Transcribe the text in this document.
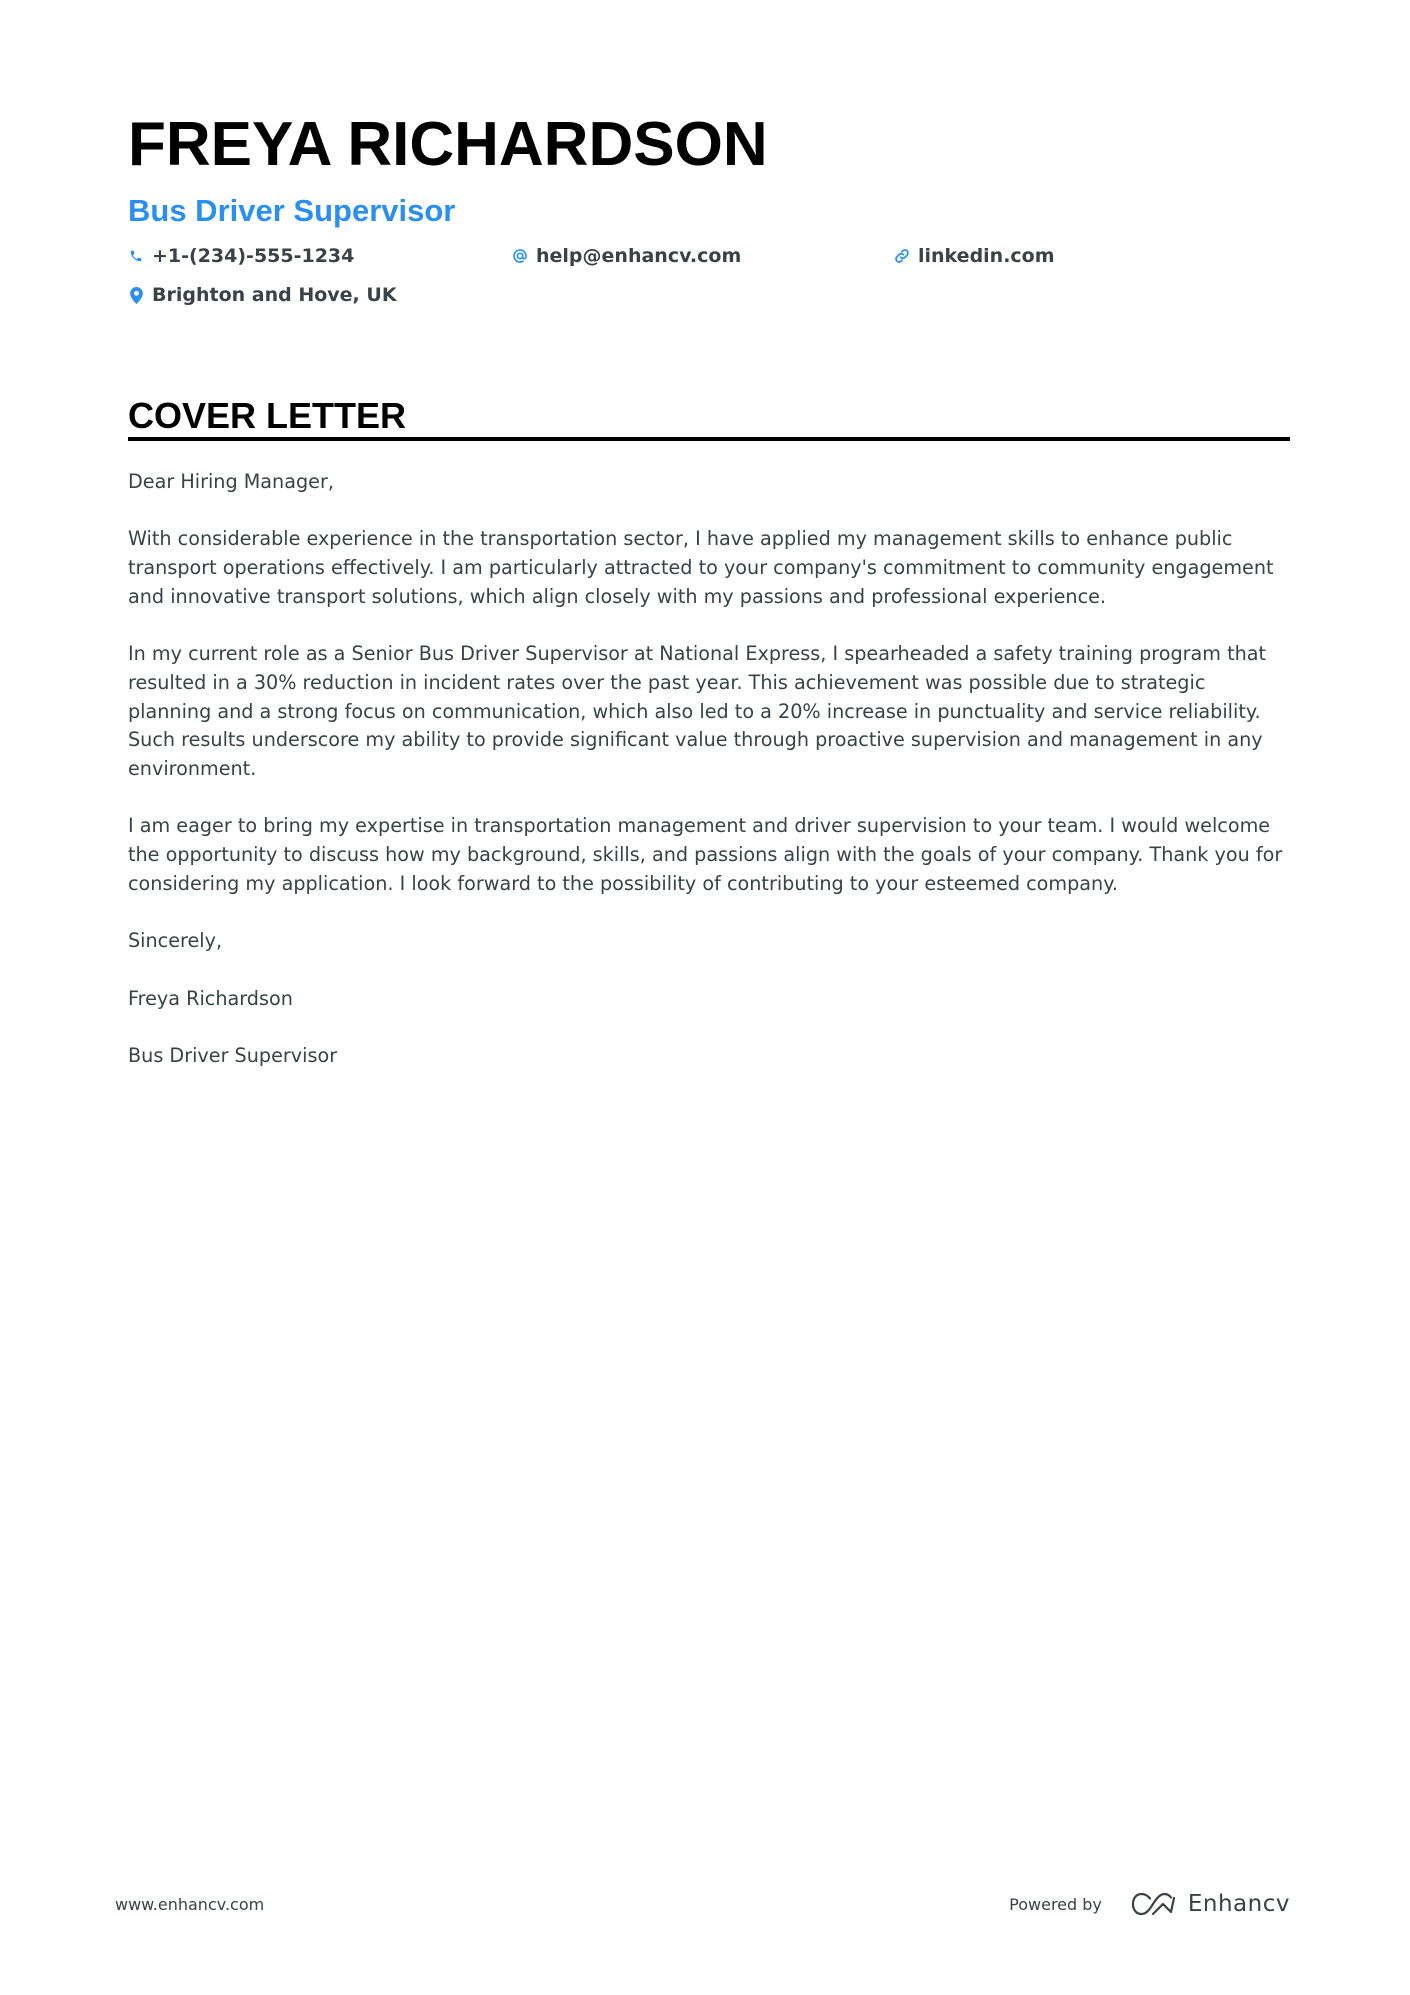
FREYA RICHARDSON
Bus Driver Supervisor
+1-(234)-555-1234	help@enhancv.com	linkedin.com
Brighton and Hove, UK
COVER LETTER

Dear Hiring Manager,

With considerable experience in the transportation sector, I have applied my management skills to enhance public transport operations effectively. I am particularly attracted to your company's commitment to community engagement and innovative transport solutions, which align closely with my passions and professional experience.

In my current role as a Senior Bus Driver Supervisor at National Express, I spearheaded a safety training program that resulted in a 30% reduction in incident rates over the past year. This achievement was possible due to strategic planning and a strong focus on communication, which also led to a 20% increase in punctuality and service reliability. Such results underscore my ability to provide significant value through proactive supervision and management in any environment.

I am eager to bring my expertise in transportation management and driver supervision to your team. I would welcome the opportunity to discuss how my background, skills, and passions align with the goals of your company. Thank you for considering my application. I look forward to the possibility of contributing to your esteemed company.

Sincerely,

Freya Richardson

Bus Driver Supervisor

www.enhancv.com	Powered by	Enhancv
